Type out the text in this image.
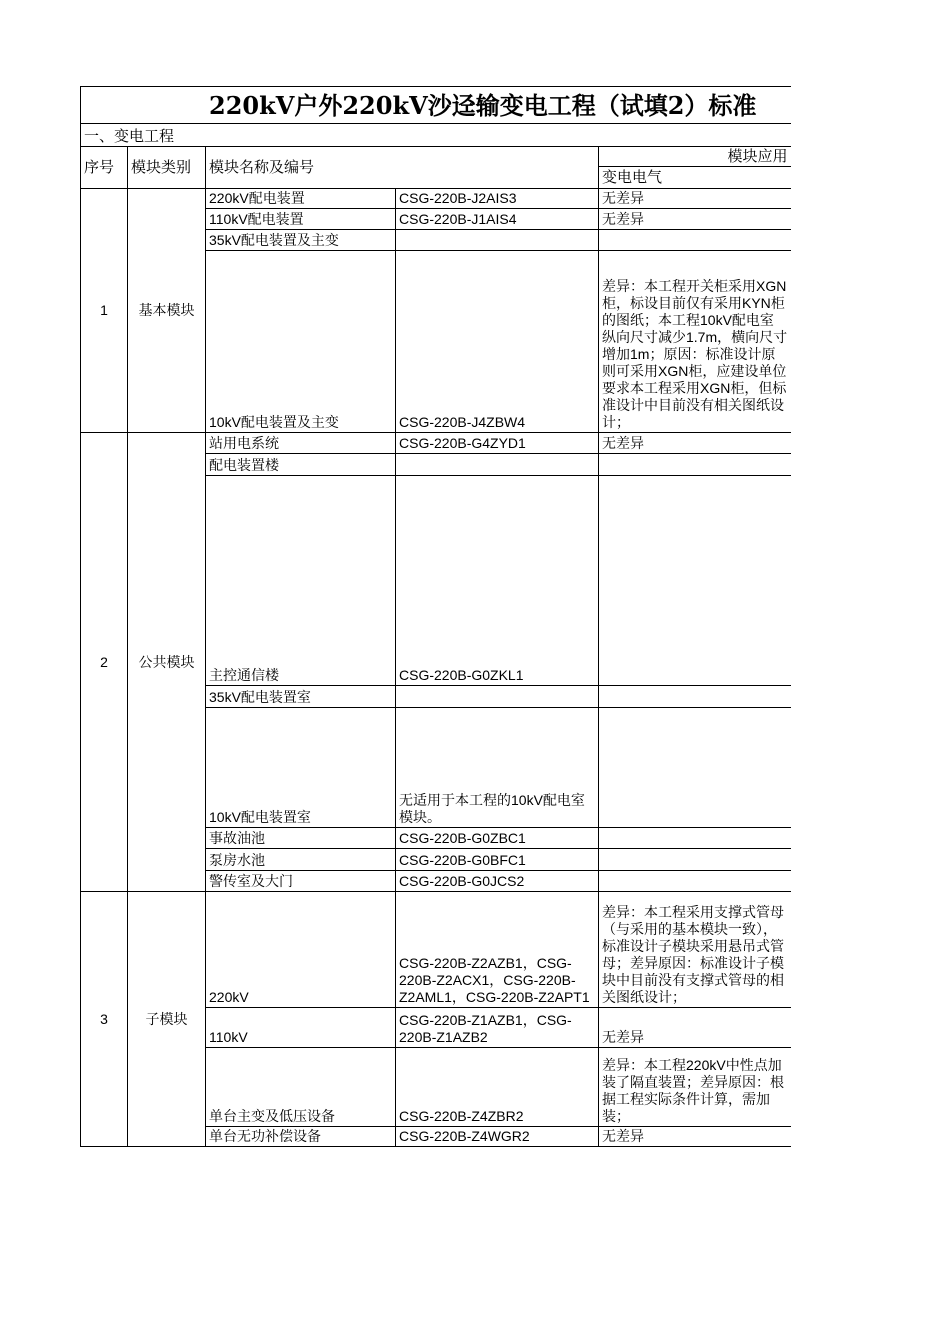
220kV户外220kV沙迳输变电工程（试填2）标准				
一、变电工程				
序号	模块类别	模块名称及编号		模块应用
				变电电气
1	基本模块	220kV配电装置	CSG-220B-J2AIS3	无差异
		110kV配电装置	CSG-220B-J1AIS4	无差异
		35kV配电装置及主变		
		10kV配电装置及主变	CSG-220B-J4ZBW4	差异：本工程开关柜采用XGN柜，标设目前仅有采用KYN柜的图纸；本工程10kV配电室纵向尺寸减少1.7m，横向尺寸增加1m；原因：标准设计原则可采用XGN柜，应建设单位要求本工程采用XGN柜，但标准设计中目前没有相关图纸设计；
2	公共模块	站用电系统	CSG-220B-G4ZYD1	无差异
		配电装置楼		
		主控通信楼	CSG-220B-G0ZKL1	
		35kV配电装置室		
		10kV配电装置室	无适用于本工程的10kV配电室模块。	
		事故油池	CSG-220B-G0ZBC1	
		泵房水池	CSG-220B-G0BFC1	
		警传室及大门	CSG-220B-G0JCS2	
3	子模块	220kV	CSG-220B-Z2AZB1，CSG-220B-Z2ACX1，CSG-220B-Z2AML1，CSG-220B-Z2APT1	差异：本工程采用支撑式管母（与采用的基本模块一致），标准设计子模块采用悬吊式管母；差异原因：标准设计子模块中目前没有支撑式管母的相关图纸设计；
		110kV	CSG-220B-Z1AZB1，CSG-220B-Z1AZB2	无差异
		单台主变及低压设备	CSG-220B-Z4ZBR2	差异：本工程220kV中性点加装了隔直装置；差异原因：根据工程实际条件计算，需加装；
		单台无功补偿设备	CSG-220B-Z4WGR2	无差异
